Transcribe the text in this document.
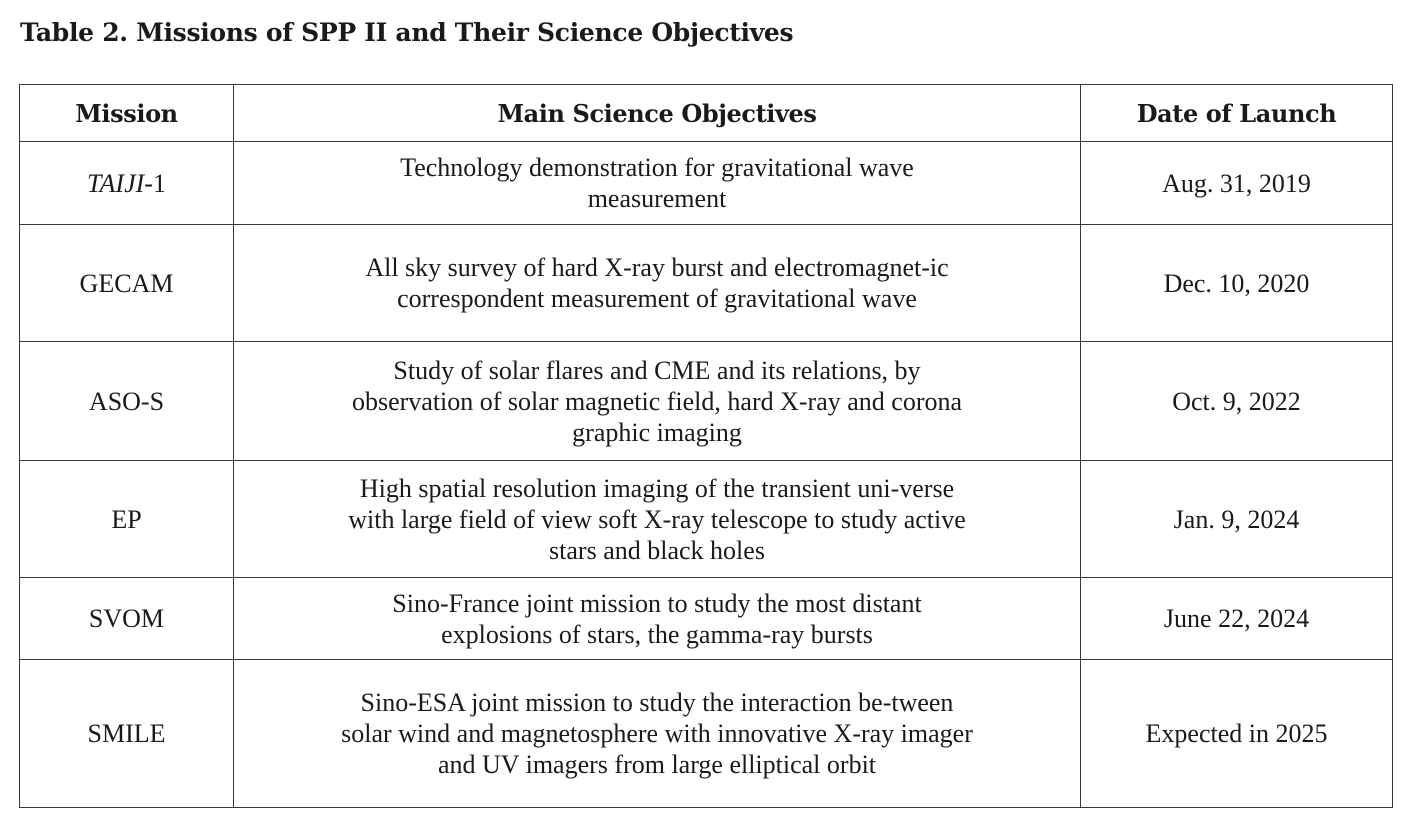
Table 2. Missions of SPP II and Their Science Objectives
Mission	Main Science Objectives	Date of Launch
TAIJI-1	Technology demonstration for gravitational wave measurement	Aug. 31, 2019
GECAM	All sky survey of hard X-ray burst and electromagnet-ic correspondent measurement of gravitational wave	Dec. 10, 2020
ASO-S	Study of solar flares and CME and its relations, by observation of solar magnetic field, hard X-ray and corona graphic imaging	Oct. 9, 2022
EP	High spatial resolution imaging of the transient uni-verse with large field of view soft X-ray telescope to study active stars and black holes	Jan. 9, 2024
SVOM	Sino-France joint mission to study the most distant explosions of stars, the gamma-ray bursts	June 22, 2024
SMILE	Sino-ESA joint mission to study the interaction be-tween solar wind and magnetosphere with innovative X-ray imager and UV imagers from large elliptical orbit	Expected in 2025
